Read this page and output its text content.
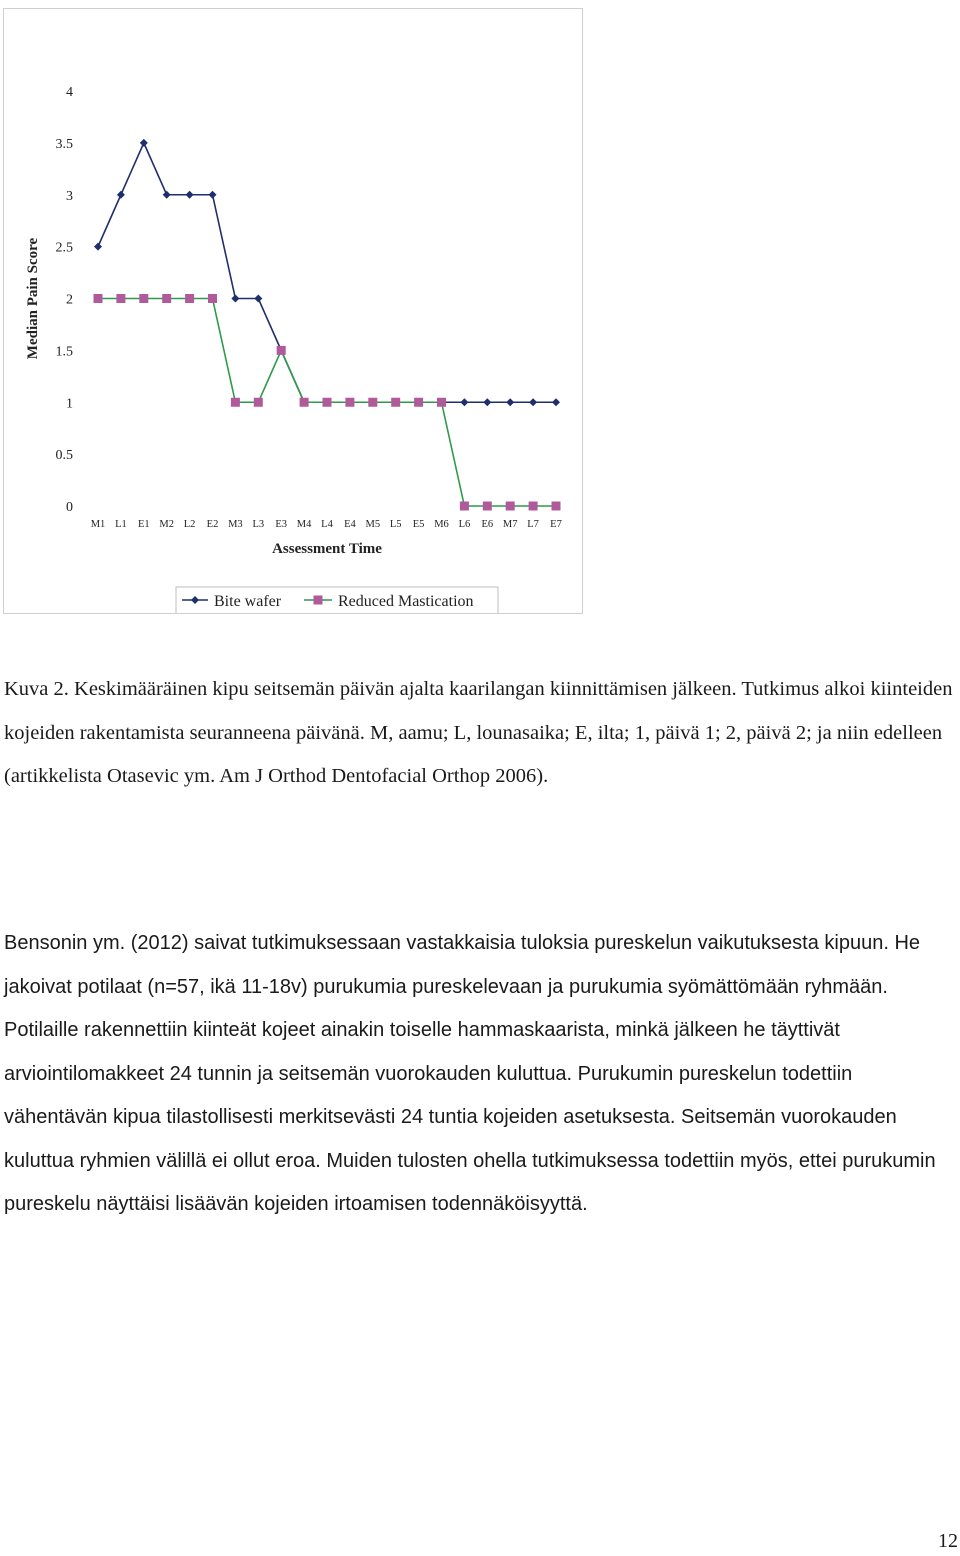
0
0.5
1
1.5
2
2.5
3
3.5
4
M1 L1 E1 M2 L2 E2 M3 L3 E3 M4 L4 E4 M5 L5 E5 M6 L6 E6 M7 L7 E7
Assessment Time
Median Pain Score
Bite wafer	Reduced Mastication

Kuva 2. Keskimääräinen kipu seitsemän päivän ajalta kaarilangan kiinnittämisen jälkeen. Tutkimus alkoi kiinteiden kojeiden rakentamista seuranneena päivänä. M, aamu; L, lounasaika; E, ilta; 1, päivä 1; 2, päivä 2; ja niin edelleen (artikkelista Otasevic ym. Am J Orthod Dentofacial Orthop 2006).

Bensonin ym. (2012) saivat tutkimuksessaan vastakkaisia tuloksia pureskelun vaikutuksesta kipuun. He jakoivat potilaat (n=57, ikä 11-18v) purukumia pureskelevaan ja purukumia syömättömään ryhmään. Potilaille rakennettiin kiinteät kojeet ainakin toiselle hammaskaarista, minkä jälkeen he täyttivät arviointilomakkeet 24 tunnin ja seitsemän vuorokauden kuluttua. Purukumin pureskelun todettiin vähentävän kipua tilastollisesti merkitsevästi 24 tuntia kojeiden asetuksesta. Seitsemän vuorokauden kuluttua ryhmien välillä ei ollut eroa. Muiden tulosten ohella tutkimuksessa todettiin myös, ettei purukumin pureskelu näyttäisi lisäävän kojeiden irtoamisen todennäköisyyttä.

12
